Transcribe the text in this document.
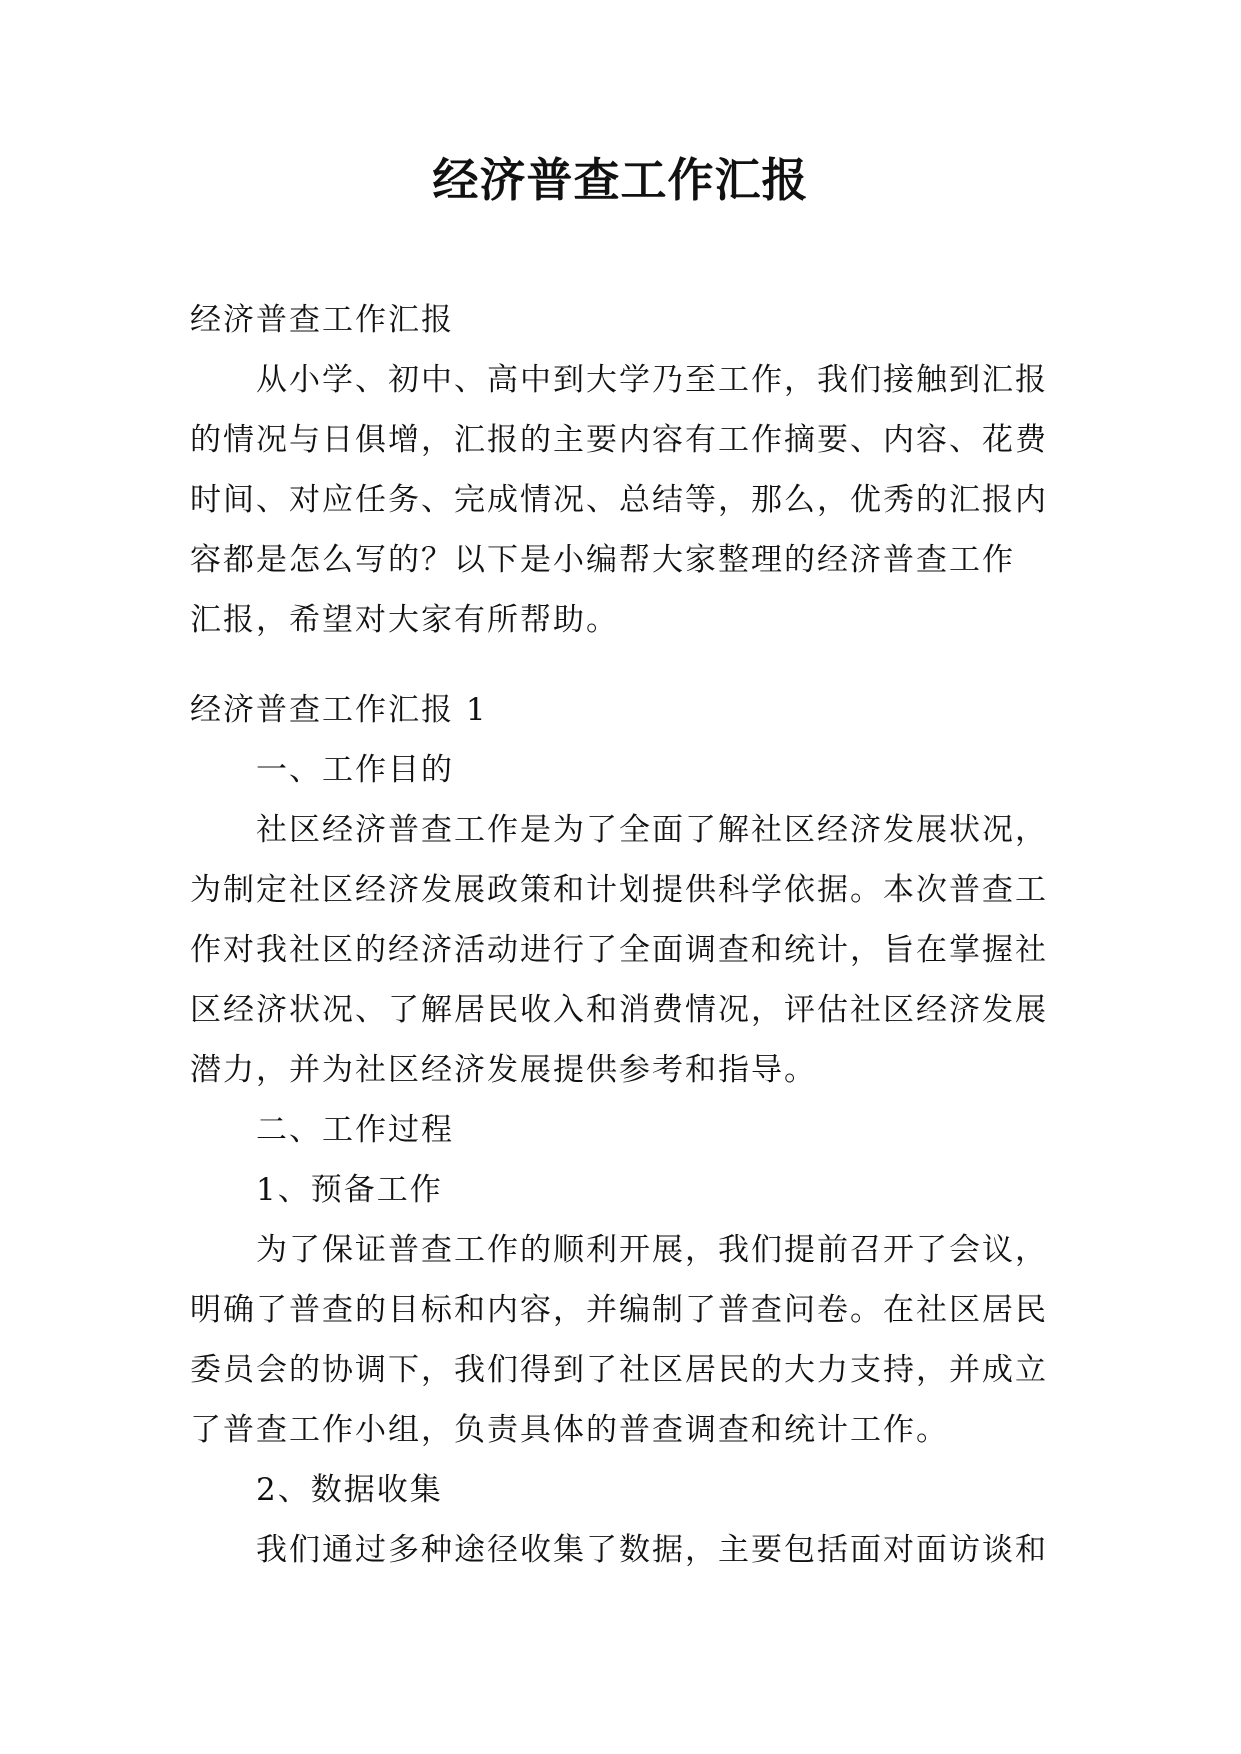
经济普查工作汇报
经济普查工作汇报
从小学、初中、高中到大学乃至工作，我们接触到汇报
的情况与日俱增，汇报的主要内容有工作摘要、内容、花费
时间、对应任务、完成情况、总结等，那么，优秀的汇报内
容都是怎么写的？以下是小编帮大家整理的经济普查工作
汇报，希望对大家有所帮助。
经济普查工作汇报 1
一、工作目的
社区经济普查工作是为了全面了解社区经济发展状况，
为制定社区经济发展政策和计划提供科学依据。本次普查工
作对我社区的经济活动进行了全面调查和统计，旨在掌握社
区经济状况、了解居民收入和消费情况，评估社区经济发展
潜力，并为社区经济发展提供参考和指导。
二、工作过程
1、预备工作
为了保证普查工作的顺利开展，我们提前召开了会议，
明确了普查的目标和内容，并编制了普查问卷。在社区居民
委员会的协调下，我们得到了社区居民的大力支持，并成立
了普查工作小组，负责具体的普查调查和统计工作。
2、数据收集
我们通过多种途径收集了数据，主要包括面对面访谈和
